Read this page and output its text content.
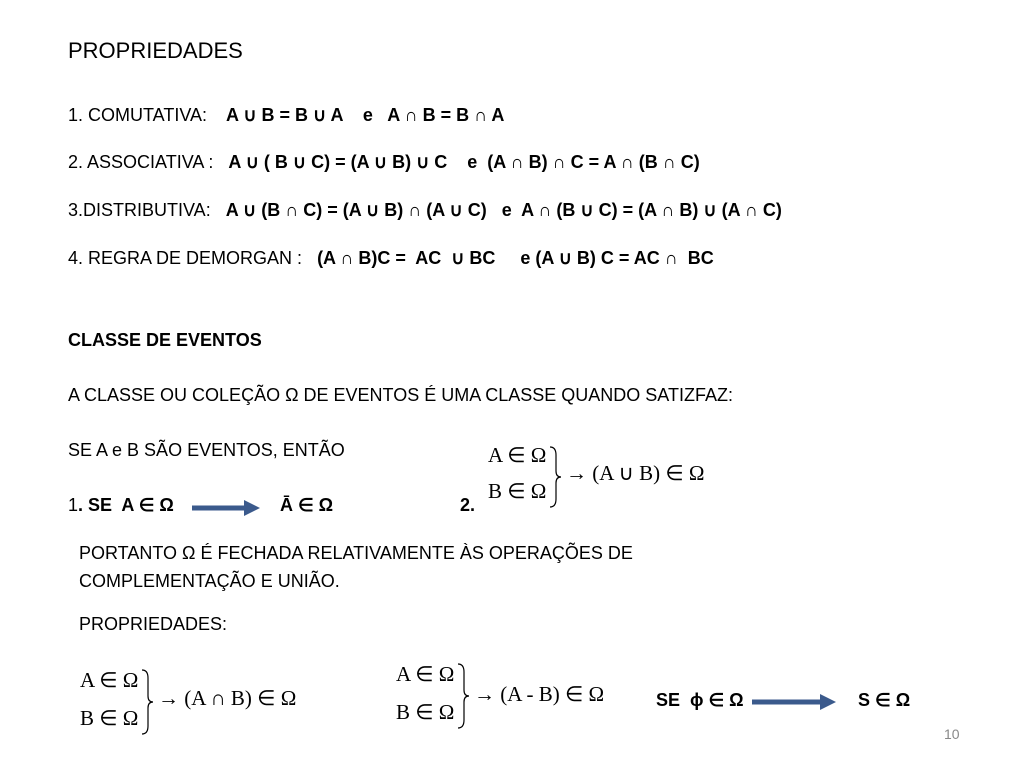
PROPRIEDADES
1. COMUTATIVA: A ∪ B = B ∪ A    e   A ∩ B = B ∩ A
2. ASSOCIATIVA : A ∪ ( B ∪ C) = (A ∪ B) ∪ C    e  (A ∩ B) ∩ C = A ∩ (B ∩ C)
3.DISTRIBUTIVA: A ∪ (B ∩ C) = (A ∪ B) ∩ (A ∪ C)   e  A ∩ (B ∪ C) = (A ∩ B) ∪ (A ∩ C)
4. REGRA DE DEMORGAN : (A ∩ B)C =  AC  ∪ BC     e (A ∪ B) C = AC ∩  BC
CLASSE DE EVENTOS
A CLASSE OU COLEÇÃO Ω DE EVENTOS É UMA CLASSE QUANDO SATIZFAZ:
SE A e B SÃO EVENTOS, ENTÃO
1. SE  A ∈ Ω	Ā ∈ Ω	2.
A ∈ Ω
B ∈ Ω
→ (A ∪ B) ∈ Ω
PORTANTO Ω É FECHADA RELATIVAMENTE ÀS OPERAÇÕES DE
COMPLEMENTAÇÃO E UNIÃO.
PROPRIEDADES:
A ∈ Ω
B ∈ Ω
→ (A ∩ B) ∈ Ω
A ∈ Ω
B ∈ Ω
→ (A - B) ∈ Ω	SE  ϕ ∈ Ω	S ∈ Ω
10
